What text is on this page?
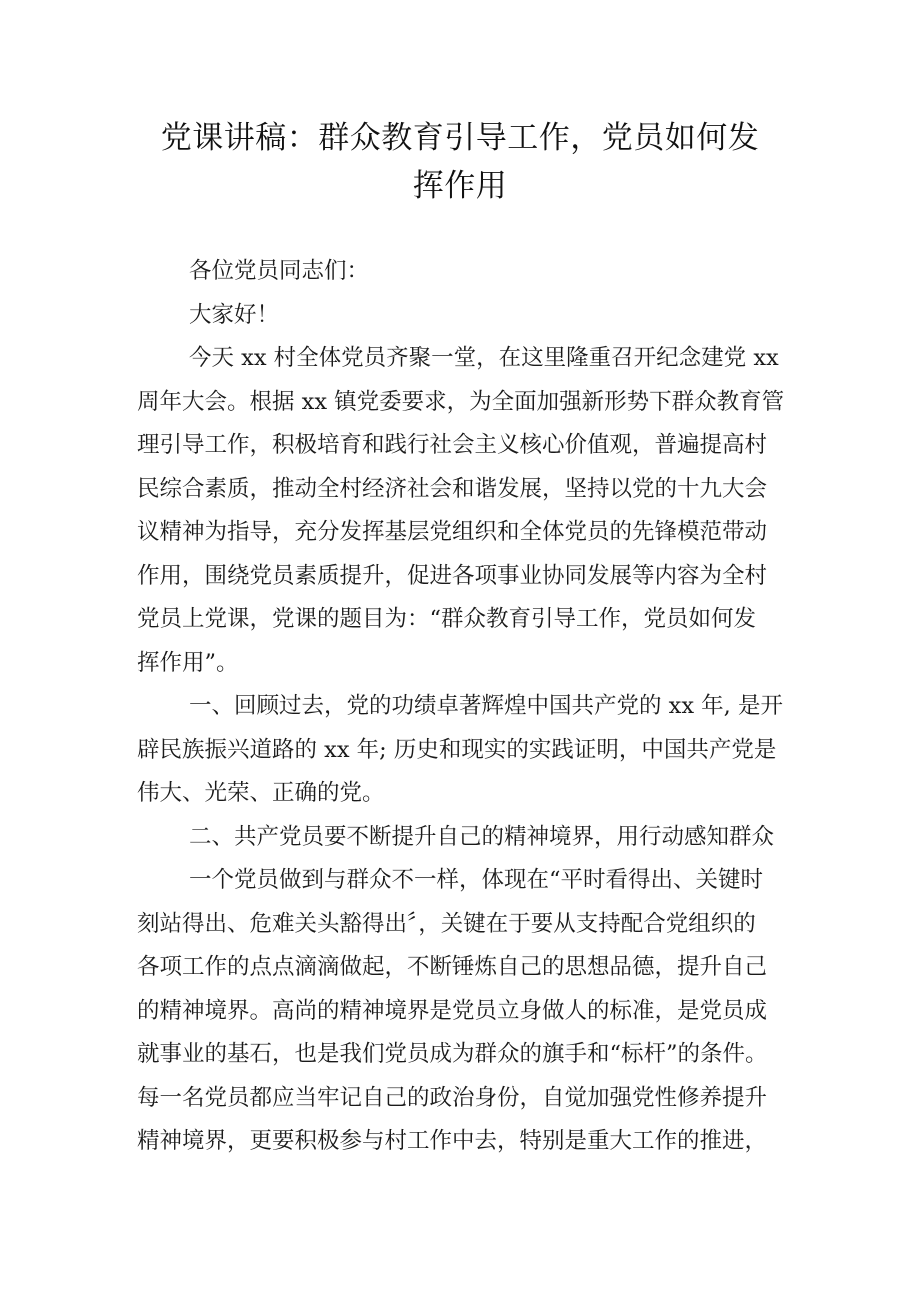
党课讲稿：群众教育引导工作，党员如何发
挥作用
各位党员同志们：
大家好！
今天 xx 村全体党员齐聚一堂，在这里隆重召开纪念建党 xx
周年大会。根据 xx 镇党委要求，为全面加强新形势下群众教育管
理引导工作，积极培育和践行社会主义核心价值观，普遍提高村
民综合素质，推动全村经济社会和谐发展，坚持以党的十九大会
议精神为指导，充分发挥基层党组织和全体党员的先锋模范带动
作用，围绕党员素质提升，促进各项事业协同发展等内容为全村
党员上党课，党课的题目为：“群众教育引导工作，党员如何发
挥作用”。
一、回顾过去，党的功绩卓著辉煌中国共产党的 xx 年, 是开
辟民族振兴道路的 xx 年; 历史和现实的实践证明，中国共产党是
伟大、光荣、正确的党。
二、共产党员要不断提升自己的精神境界，用行动感知群众
一个党员做到与群众不一样，体现在“平时看得出、关键时
刻站得出、危难关头豁得出〞，关键在于要从支持配合党组织的
各项工作的点点滴滴做起，不断锤炼自己的思想品德，提升自己
的精神境界。高尚的精神境界是党员立身做人的标准，是党员成
就事业的基石，也是我们党员成为群众的旗手和“标杆”的条件。
每一名党员都应当牢记自己的政治身份，自觉加强党性修养提升
精神境界，更要积极参与村工作中去，特别是重大工作的推进，
